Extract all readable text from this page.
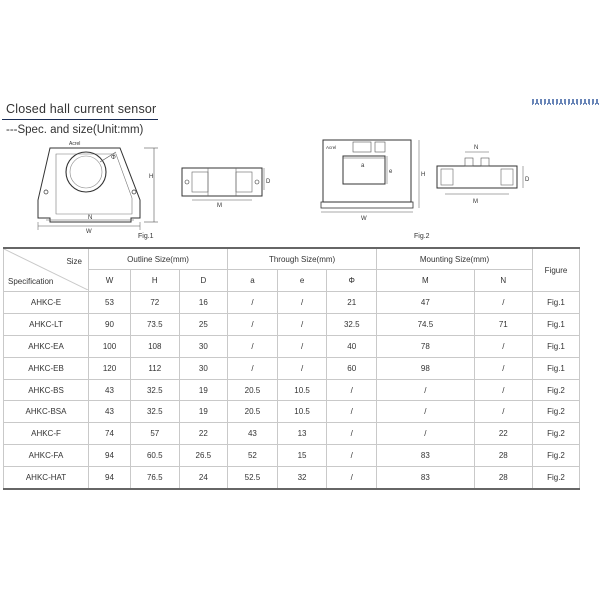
Closed hall current sensor
---Spec. and size(Unit:mm)
Acrel
Φ
H
N
W
M
D
Fig.1
Acrel
a
e	H
W
N
M
D
Fig.2
Size
Specification	Outline Size(mm)			Through Size(mm)			Mounting Size(mm)		Figure
	W	H	D	a	e	Φ	M	N	
AHKC-E	53	72	16	/	/	21	47	/	Fig.1
AHKC-LT	90	73.5	25	/	/	32.5	74.5	71	Fig.1
AHKC-EA	100	108	30	/	/	40	78	/	Fig.1
AHKC-EB	120	112	30	/	/	60	98	/	Fig.1
AHKC-BS	43	32.5	19	20.5	10.5	/	/	/	Fig.2
AHKC-BSA	43	32.5	19	20.5	10.5	/	/	/	Fig.2
AHKC-F	74	57	22	43	13	/	/	22	Fig.2
AHKC-FA	94	60.5	26.5	52	15	/	83	28	Fig.2
AHKC-HAT	94	76.5	24	52.5	32	/	83	28	Fig.2
